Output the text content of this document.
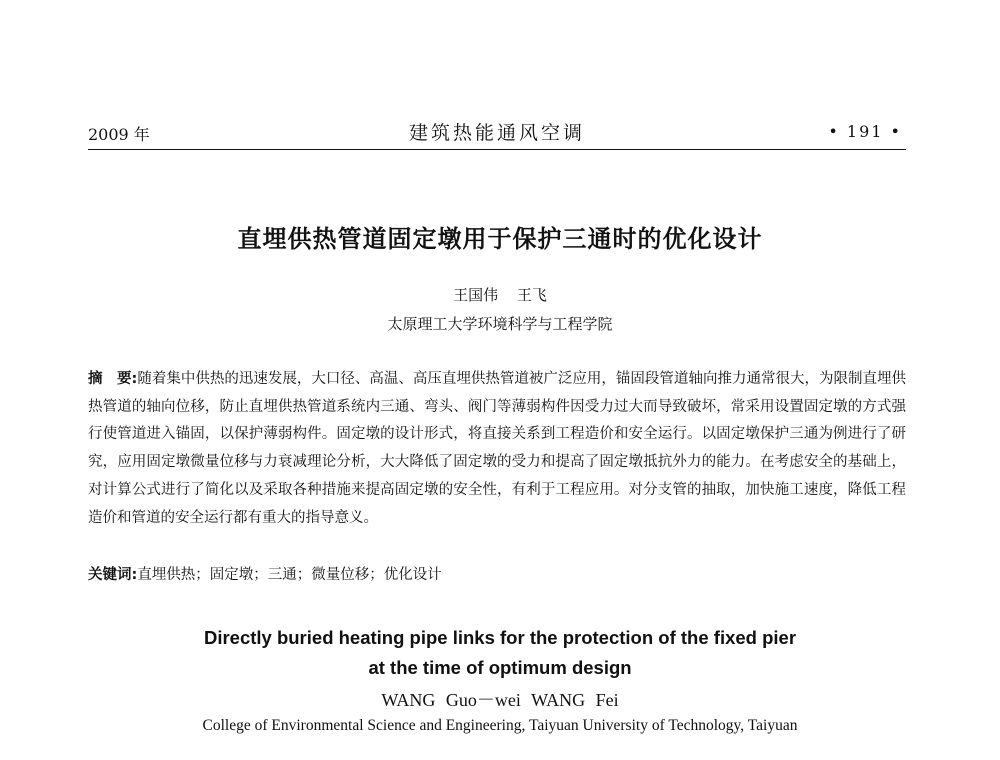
2009 年	建筑热能通风空调	• 191 •
直埋供热管道固定墩用于保护三通时的优化设计
王国伟 王飞
太原理工大学环境科学与工程学院
摘　要:随着集中供热的迅速发展，大口径、高温、高压直埋供热管道被广泛应用，锚固段管道轴向推力通常很大，为限制直埋供热管道的轴向位移，防止直埋供热管道系统内三通、弯头、阀门等薄弱构件因受力过大而导致破坏，常采用设置固定墩的方式强行使管道进入锚固，以保护薄弱构件。固定墩的设计形式，将直接关系到工程造价和安全运行。以固定墩保护三通为例进行了研究，应用固定墩微量位移与力衰减理论分析，大大降低了固定墩的受力和提高了固定墩抵抗外力的能力。在考虑安全的基础上，对计算公式进行了简化以及采取各种措施来提高固定墩的安全性，有利于工程应用。对分支管的抽取，加快施工速度，降低工程造价和管道的安全运行都有重大的指导意义。
关键词:直埋供热；固定墩；三通；微量位移；优化设计
Directly buried heating pipe links for the protection of the fixed pier
at the time of optimum design
WANG Guo－wei WANG Fei
College of Environmental Science and Engineering, Taiyuan University of Technology, Taiyuan
